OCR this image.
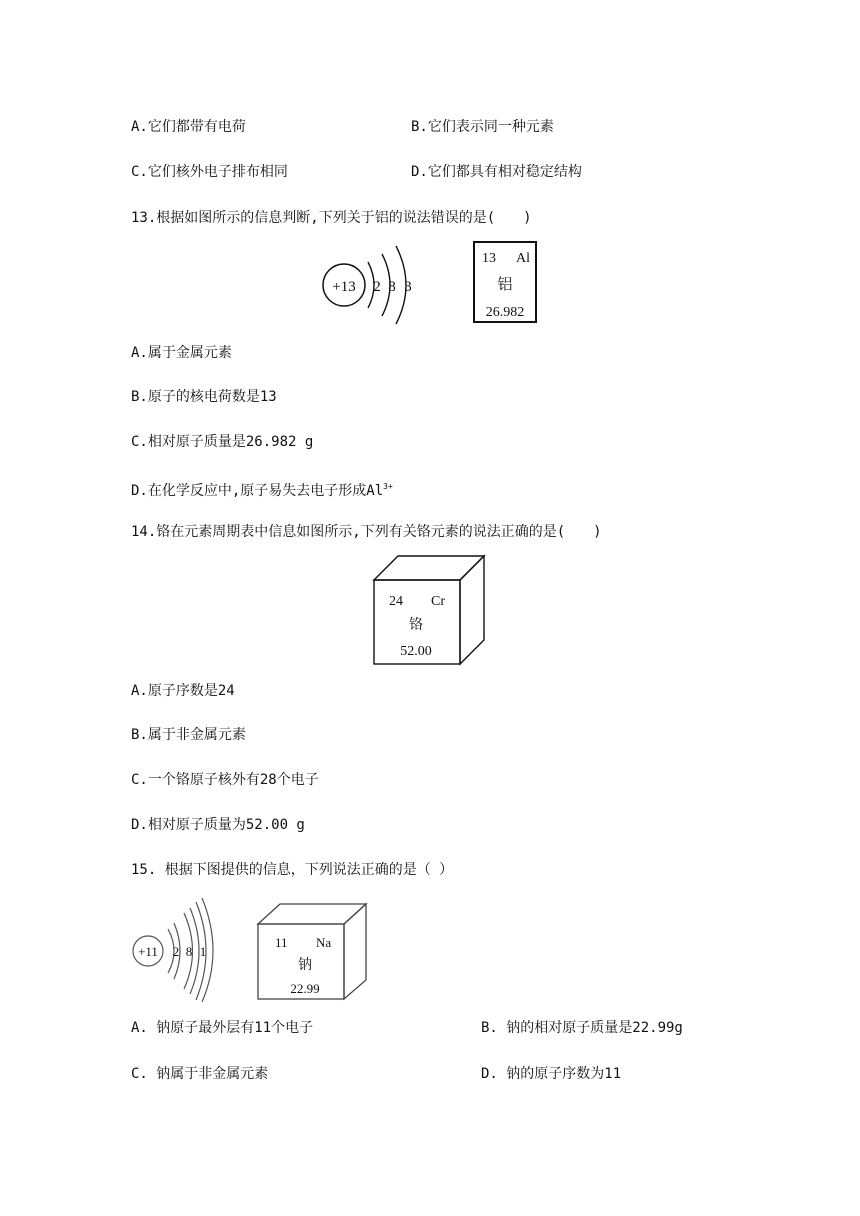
A.它们都带有电荷	B.它们表示同一种元素
C.它们核外电子排布相同	D.它们都具有相对稳定结构
13.根据如图所示的信息判断,下列关于铝的说法错误的是(　　)
+13 2 8 3
13 Al
铝
26.982
A.属于金属元素
B.原子的核电荷数是13
C.相对原子质量是26.982 g
D.在化学反应中,原子易失去电子形成$Al^{3+}$
14.铬在元素周期表中信息如图所示,下列有关铬元素的说法正确的是(　　)
24 Cr
铬
52.00
A.原子序数是24
B.属于非金属元素
C.一个铬原子核外有28个电子
D.相对原子质量为52.00 g
15. 根据下图提供的信息，下列说法正确的是（ ）
+11 2 8 1
11 Na
钠
22.99
A. 钠原子最外层有11个电子	B. 钠的相对原子质量是22.99g
C. 钠属于非金属元素	D. 钠的原子序数为11
